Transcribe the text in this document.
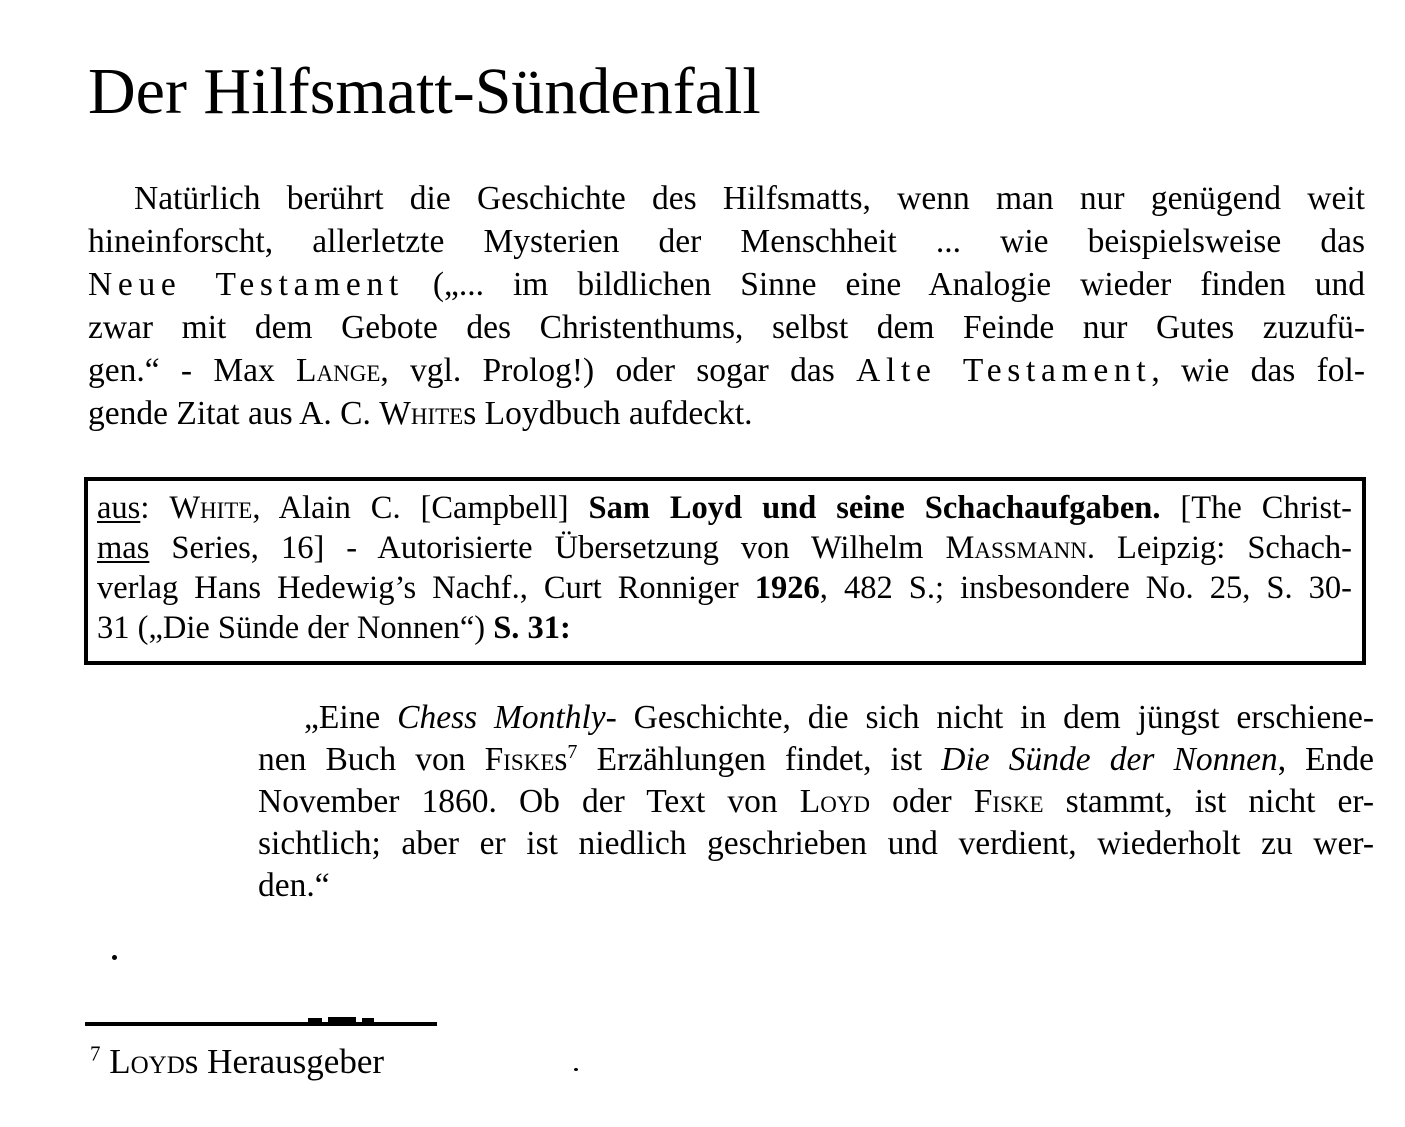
Der Hilfsmatt-Sündenfall
Natürlich berührt die Geschichte des Hilfsmatts, wenn man nur genügend weit
hineinforscht, allerletzte Mysterien der Menschheit ... wie beispielsweise das
Neue Testament („... im bildlichen Sinne eine Analogie wieder finden und
zwar mit dem Gebote des Christenthums, selbst dem Feinde nur Gutes zuzufü-
gen.“ - Max Lange, vgl. Prolog!) oder sogar das Alte Testament, wie das fol-
gende Zitat aus A. C. Whites Loydbuch aufdeckt.
aus: White, Alain C. [Campbell] Sam Loyd und seine Schachaufgaben. [The Christ-
mas Series, 16] - Autorisierte Übersetzung von Wilhelm Massmann. Leipzig: Schach-
verlag Hans Hedewig’s Nachf., Curt Ronniger 1926, 482 S.; insbesondere No. 25, S. 30-
31 („Die Sünde der Nonnen“) S. 31:
„Eine Chess Monthly- Geschichte, die sich nicht in dem jüngst erschiene-
nen Buch von Fiskes$^7$ Erzählungen findet, ist Die Sünde der Nonnen, Ende
November 1860. Ob der Text von Loyd oder Fiske stammt, ist nicht er-
sichtlich; aber er ist niedlich geschrieben und verdient, wiederholt zu wer-
den.“
$^7$ Loyds Herausgeber
